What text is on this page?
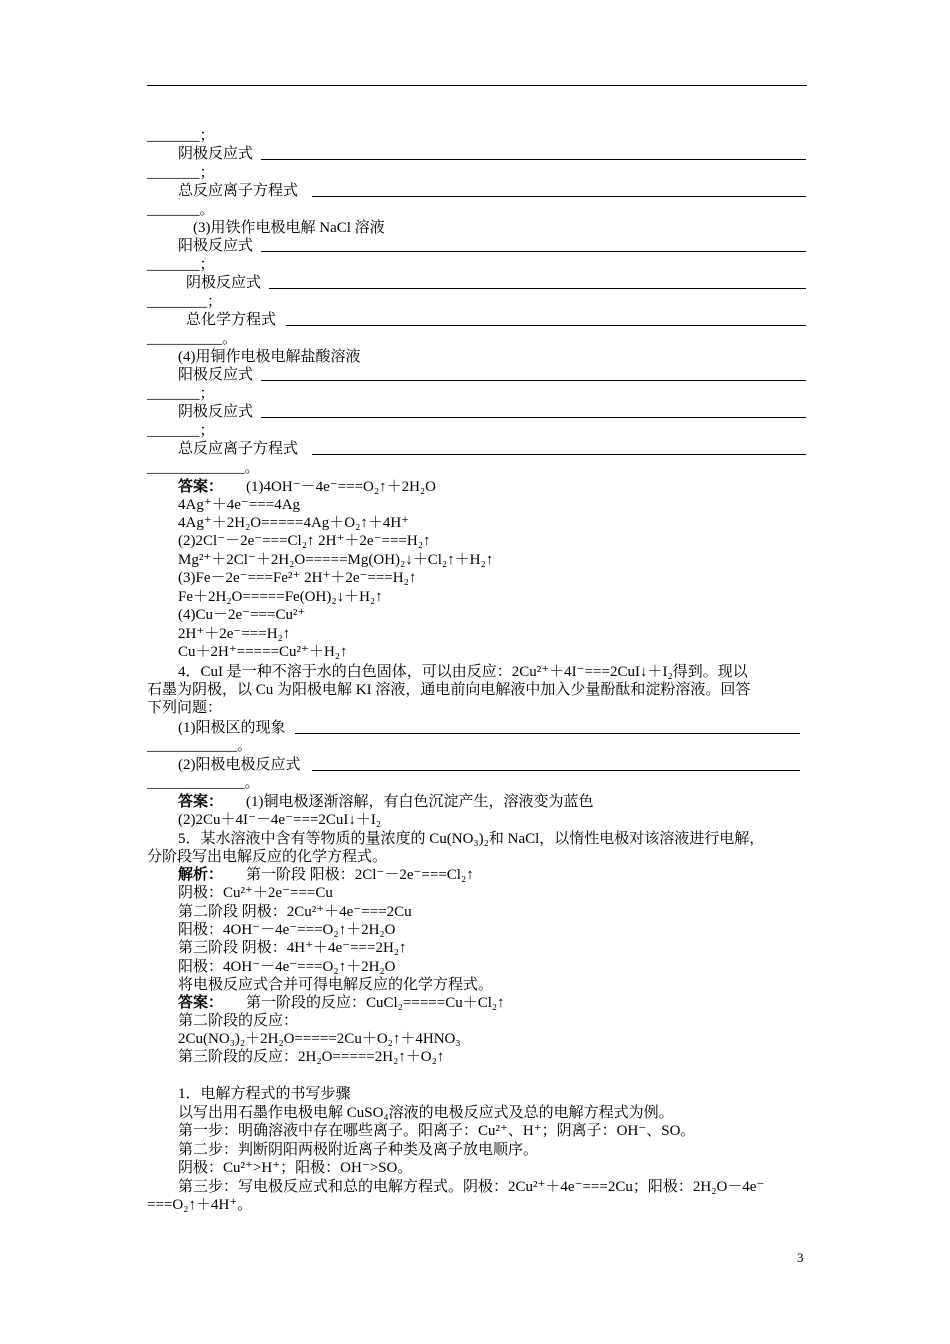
_______；
阴极反应式
_______；
总反应离子方程式
_______。
(3)用铁作电极电解 NaCl 溶液
阳极反应式
_______；
阴极反应式
________；
总化学方程式
__________。
(4)用铜作电极电解盐酸溶液
阳极反应式
_______；
阴极反应式
_______；
总反应离子方程式
_____________。
答案： (1)4OH⁻－4e⁻===O₂↑＋2H₂O
4Ag⁺＋4e⁻===4Ag
4Ag⁺＋2H₂O=====4Ag＋O₂↑＋4H⁺
(2)2Cl⁻－2e⁻===Cl₂↑ 2H⁺＋2e⁻===H₂↑
Mg²⁺＋2Cl⁻＋2H₂O=====Mg(OH)₂↓＋Cl₂↑＋H₂↑
(3)Fe－2e⁻===Fe²⁺ 2H⁺＋2e⁻===H₂↑
Fe＋2H₂O=====Fe(OH)₂↓＋H₂↑
(4)Cu－2e⁻===Cu²⁺
2H⁺＋2e⁻===H₂↑
Cu＋2H⁺=====Cu²⁺＋H₂↑
4．CuI 是一种不溶于水的白色固体，可以由反应：2Cu²⁺＋4I⁻===2CuI↓＋I₂得到。现以
石墨为阴极，以 Cu 为阳极电解 KI 溶液，通电前向电解液中加入少量酚酞和淀粉溶液。回答
下列问题：
(1)阳极区的现象
____________。
(2)阳极电极反应式
_____________。
答案： (1)铜电极逐渐溶解，有白色沉淀产生，溶液变为蓝色
(2)2Cu＋4I⁻－4e⁻===2CuI↓＋I₂
5．某水溶液中含有等物质的量浓度的 Cu(NO₃)₂和 NaCl，以惰性电极对该溶液进行电解，
分阶段写出电解反应的化学方程式。
解析： 第一阶段 阳极：2Cl⁻－2e⁻===Cl₂↑
阴极：Cu²⁺＋2e⁻===Cu
第二阶段 阴极：2Cu²⁺＋4e⁻===2Cu
阳极：4OH⁻－4e⁻===O₂↑＋2H₂O
第三阶段 阴极：4H⁺＋4e⁻===2H₂↑
阳极：4OH⁻－4e⁻===O₂↑＋2H₂O
将电极反应式合并可得电解反应的化学方程式。
答案： 第一阶段的反应：CuCl₂=====Cu＋Cl₂↑
第二阶段的反应：
2Cu(NO₃)₂＋2H₂O=====2Cu＋O₂↑＋4HNO₃
第三阶段的反应：2H₂O=====2H₂↑＋O₂↑
1．电解方程式的书写步骤
以写出用石墨作电极电解 CuSO₄溶液的电极反应式及总的电解方程式为例。
第一步：明确溶液中存在哪些离子。阳离子：Cu²⁺、H⁺；阴离子：OH⁻、SO。
第二步：判断阴阳两极附近离子种类及离子放电顺序。
阴极：Cu²⁺>H⁺；阳极：OH⁻>SO。
第三步：写电极反应式和总的电解方程式。阴极：2Cu²⁺＋4e⁻===2Cu；阳极：2H₂O－4e⁻
===O₂↑＋4H⁺。
3
